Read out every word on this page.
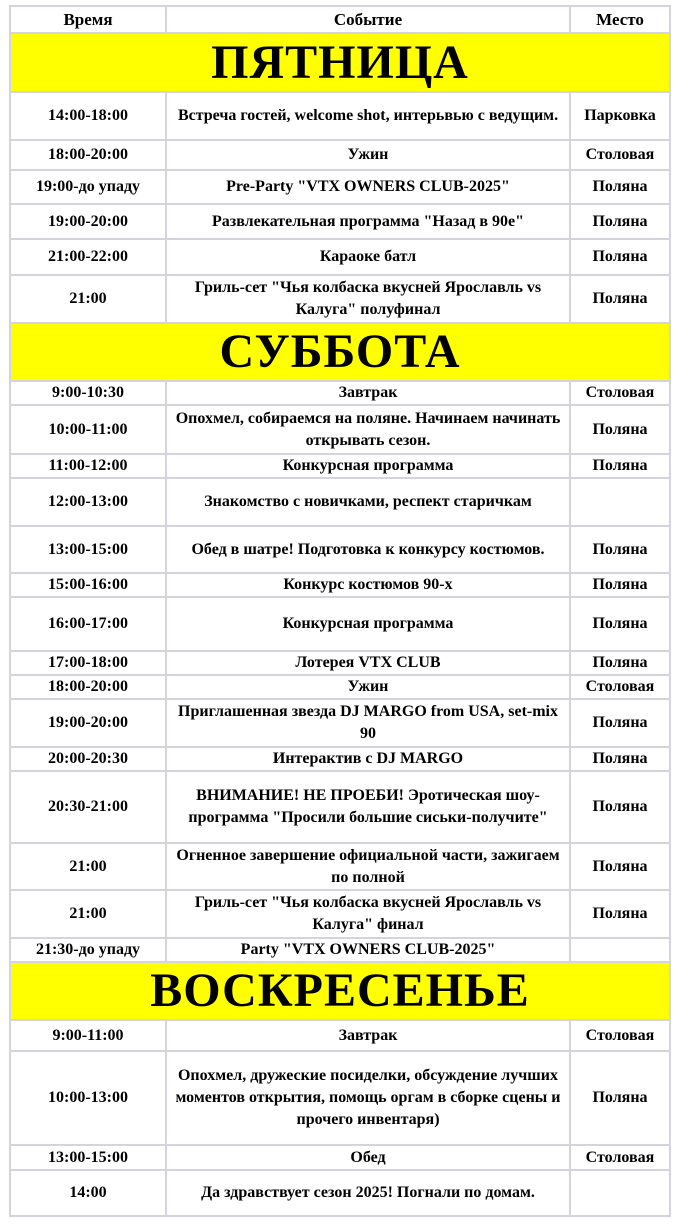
Время	Событие	Место
ПЯТНИЦА		
14:00-18:00	Встреча гостей, welcome shot, интерьвью с ведущим.	Парковка
18:00-20:00	Ужин	Столовая
19:00-до упаду	Pre-Party "VTX OWNERS CLUB-2025"	Поляна
19:00-20:00	Развлекательная программа "Назад в 90е"	Поляна
21:00-22:00	Караоке батл	Поляна
21:00	Гриль-сет "Чья колбаска вкусней Ярославль vs Калуга" полуфинал	Поляна
СУББОТА		
9:00-10:30	Завтрак	Столовая
10:00-11:00	Опохмел, собираемся на поляне. Начинаем начинать открывать сезон.	Поляна
11:00-12:00	Конкурсная программа	Поляна
12:00-13:00	Знакомство с новичками, респект старичкам	
13:00-15:00	Обед в шатре! Подготовка к конкурсу костюмов.	Поляна
15:00-16:00	Конкурс костюмов 90-х	Поляна
16:00-17:00	Конкурсная программа	Поляна
17:00-18:00	Лотерея VTX CLUB	Поляна
18:00-20:00	Ужин	Столовая
19:00-20:00	Приглашенная звезда DJ MARGO from USA, set-mix 90	Поляна
20:00-20:30	Интерактив с DJ MARGO	Поляна
20:30-21:00	ВНИМАНИЕ! НЕ ПРОЕБИ! Эротическая шоу-программа "Просили большие сиськи-получите"	Поляна
21:00	Огненное завершение официальной части, зажигаем по полной	Поляна
21:00	Гриль-сет "Чья колбаска вкусней Ярославль vs Калуга" финал	Поляна
21:30-до упаду	Party "VTX OWNERS CLUB-2025"	
ВОСКРЕСЕНЬЕ		
9:00-11:00	Завтрак	Столовая
10:00-13:00	Опохмел, дружеские посиделки, обсуждение лучших моментов открытия, помощь оргам в сборке сцены и прочего инвентаря)	Поляна
13:00-15:00	Обед	Столовая
14:00	Да здравствует сезон 2025! Погнали по домам.	
